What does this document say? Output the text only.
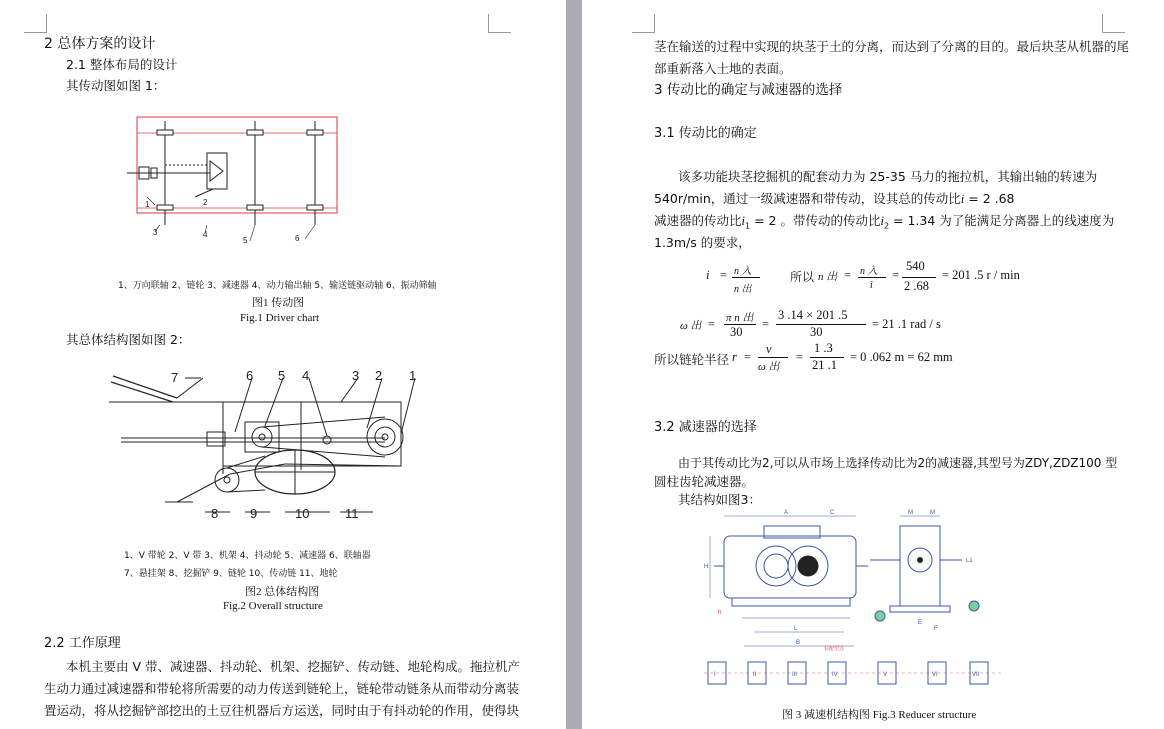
2 总体方案的设计
2.1 整体布局的设计
其传动图如图 1：
1	2
3	4
5	6
1、万向联轴 2、链轮 3、减速器 4、动力输出轴 5、输送链驱动轴 6、振动筛轴
图1 传动图
Fig.1 Driver chart
其总体结构图如图 2：
7	6 5 4	3 2 1
8 9	10	11
1、V 带轮 2、V 带 3、机架 4、抖动轮 5、减速器 6、联轴器
7、悬挂架 8、挖掘铲 9、链轮 10、传动链 11、地轮
图2 总体结构图
Fig.2 Overall structure
2.2 工作原理
本机主要由 V 带、减速器、抖动轮、机架、挖掘铲、传动链、地轮构成。拖拉机产
生动力通过减速器和带轮将所需要的动力传送到链轮上，链轮带动链条从而带动分离装
置运动，将从挖掘铲部挖出的土豆往机器后方运送，同时由于有抖动轮的作用，使得块
茎在输送的过程中实现的块茎于土的分离，而达到了分离的目的。最后块茎从机器的尾
部重新落入土地的表面。
3 传动比的确定与减速器的选择
3.1 传动比的确定
该多功能块茎挖掘机的配套动力为 25-35 马力的拖拉机，其输出轴的转速为
540r/min，通过一级减速器和带传动，设其总的传动比i = 2 .68
减速器的传动比$i_1 = 2$ 。带传动的传动比$i_2 = 1.34$ 为了能满足分离器上的线速度为
1.3m/s 的要求，
i = n 入
n 出
所以 n 出 = n 入
i
=
540
2 .68
= 201 .5 r / min
ω 出 = π n 出
30
=
3 .14 × 201 .5
30
= 21 .1 rad / s
所以链轮半径 r =
v
ω 出
=
1 .3
21 .1
= 0 .062 m = 62 mm
3.2 减速器的选择
由于其传动比为2,可以从市场上选择传动比为2的减速器,其型号为ZDY,ZDZ100 型
圆柱齿轮减速器。
其结构如图3：
A	C
H
L
B
h
M	M
E
F
L1
装配型式
I	II	III	IV	V	VI	VII
图 3 减速机结构图 Fig.3 Reducer structure
